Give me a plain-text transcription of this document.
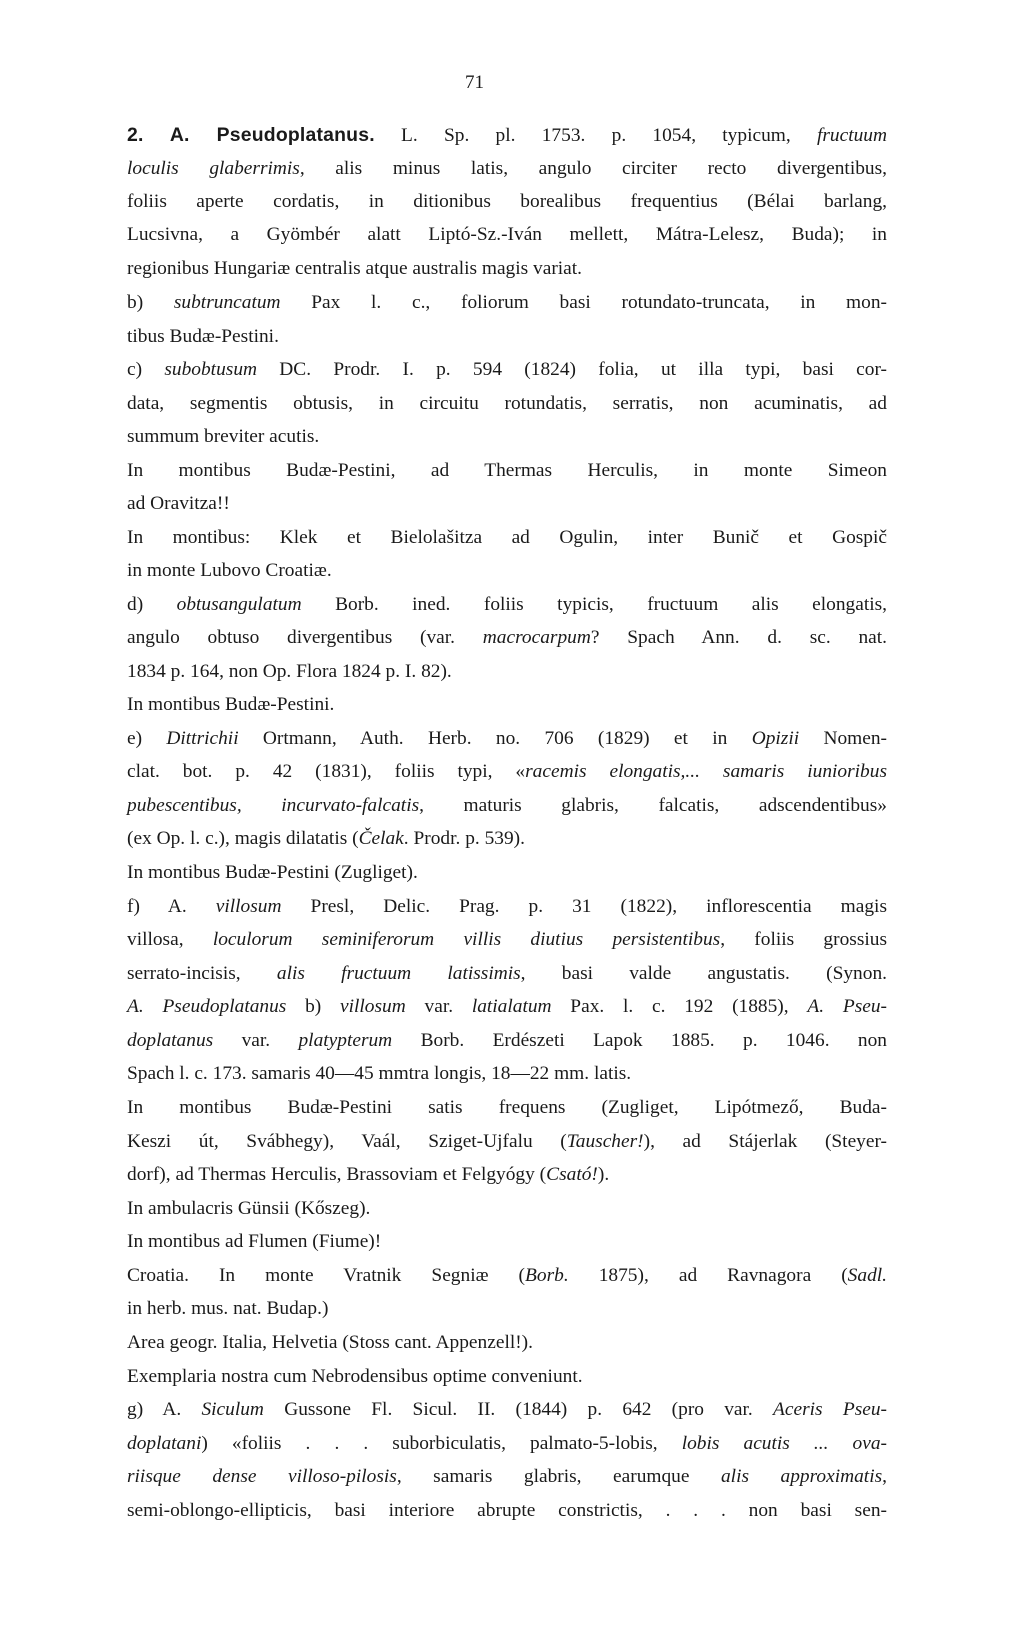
71
2. A. Pseudoplatanus. L. Sp. pl. 1753. p. 1054, typicum, fructuum
loculis glaberrimis, alis minus latis, angulo circiter recto divergentibus,
foliis aperte cordatis, in ditionibus borealibus frequentius (Bélai barlang,
Lucsivna, a Gyömbér alatt Liptó-Sz.-Iván mellett, Mátra-Lelesz, Buda); in
regionibus Hungariæ centralis atque australis magis variat.
b) subtruncatum Pax l. c., foliorum basi rotundato-truncata, in mon-
tibus Budæ-Pestini.
c) subobtusum DC. Prodr. I. p. 594 (1824) folia, ut illa typi, basi cor-
data, segmentis obtusis, in circuitu rotundatis, serratis, non acuminatis, ad
summum breviter acutis.
In montibus Budæ-Pestini, ad Thermas Herculis, in monte Simeon
ad Oravitza!!
In montibus: Klek et Bielolašitza ad Ogulin, inter Bunič et Gospič
in monte Lubovo Croatiæ.
d) obtusangulatum Borb. ined. foliis typicis, fructuum alis elongatis,
angulo obtuso divergentibus (var. macrocarpum? Spach Ann. d. sc. nat.
1834 p. 164, non Op. Flora 1824 p. I. 82).
In montibus Budæ-Pestini.
e) Dittrichii Ortmann, Auth. Herb. no. 706 (1829) et in Opizii Nomen-
clat. bot. p. 42 (1831), foliis typi, «racemis elongatis,... samaris iunioribus
pubescentibus, incurvato-falcatis, maturis glabris, falcatis, adscendentibus»
(ex Op. l. c.), magis dilatatis (Čelak. Prodr. p. 539).
In montibus Budæ-Pestini (Zugliget).
f) A. villosum Presl, Delic. Prag. p. 31 (1822), inflorescentia magis
villosa, loculorum seminiferorum villis diutius persistentibus, foliis grossius
serrato-incisis, alis fructuum latissimis, basi valde angustatis. (Synon.
A. Pseudoplatanus b) villosum var. latialatum Pax. l. c. 192 (1885), A. Pseu-
doplatanus var. platypterum Borb. Erdészeti Lapok 1885. p. 1046. non
Spach l. c. 173. samaris 40—45 mmtra longis, 18—22 mm. latis.
In montibus Budæ-Pestini satis frequens (Zugliget, Lipótmező, Buda-
Keszi út, Svábhegy), Vaál, Sziget-Ujfalu (Tauscher!), ad Stájerlak (Steyer-
dorf), ad Thermas Herculis, Brassoviam et Felgyógy (Csató!).
In ambulacris Günsii (Kőszeg).
In montibus ad Flumen (Fiume)!
Croatia. In monte Vratnik Segniæ (Borb. 1875), ad Ravnagora (Sadl.
in herb. mus. nat. Budap.)
Area geogr. Italia, Helvetia (Stoss cant. Appenzell!).
Exemplaria nostra cum Nebrodensibus optime conveniunt.
g) A. Siculum Gussone Fl. Sicul. II. (1844) p. 642 (pro var. Aceris Pseu-
doplatani) «foliis . . . suborbiculatis, palmato-5-lobis, lobis acutis ... ova-
riisque dense villoso-pilosis, samaris glabris, earumque alis approximatis,
semi-oblongo-ellipticis, basi interiore abrupte constrictis, . . . non basi sen-
